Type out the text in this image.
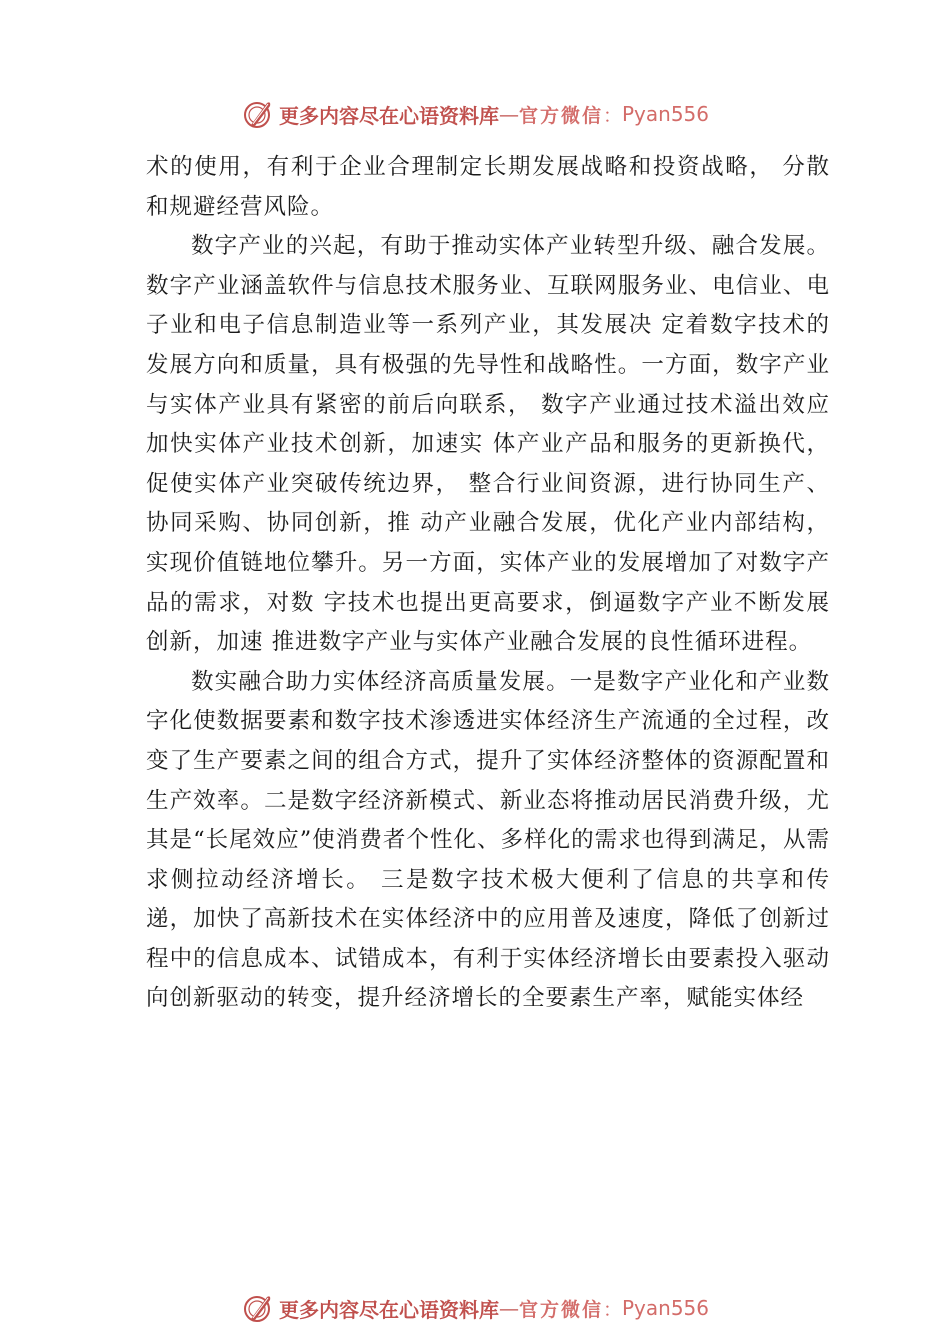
更多内容尽在心语资料库 — 官方微信 ： Pyan556

术的使用，有利于企业合理制定长期发展战略和投资战略， 分散和规避经营风险。

数字产业的兴起，有助于推动实体产业转型升级、融合发展。数字产业涵盖软件与信息技术服务业、互联网服务业、电信业、电子业和电子信息制造业等一系列产业，其发展决 定着数字技术的发展方向和质量，具有极强的先导性和战略性。一方面，数字产业与实体产业具有紧密的前后向联系， 数字产业通过技术溢出效应加快实体产业技术创新，加速实 体产业产品和服务的更新换代，促使实体产业突破传统边界， 整合行业间资源，进行协同生产、协同采购、协同创新，推 动产业融合发展，优化产业内部结构，实现价值链地位攀升。另一方面，实体产业的发展增加了对数字产品的需求，对数 字技术也提出更高要求，倒逼数字产业不断发展创新，加速 推进数字产业与实体产业融合发展的良性循环进程。

数实融合助力实体经济高质量发展。一是数字产业化和产业数字化使数据要素和数字技术渗透进实体经济生产流通的全过程，改变了生产要素之间的组合方式，提升了实体经济整体的资源配置和生产效率。二是数字经济新模式、新业态将推动居民消费升级，尤其是“长尾效应”使消费者个性化、多样化的需求也得到满足，从需求侧拉动经济增长。 三是数字技术极大便利了信息的共享和传递，加快了高新技术在实体经济中的应用普及速度，降低了创新过程中的信息成本、试错成本，有利于实体经济增长由要素投入驱动向创新驱动的转变，提升经济增长的全要素生产率，赋能实体经

更多内容尽在心语资料库 — 官方微信 ： Pyan556
